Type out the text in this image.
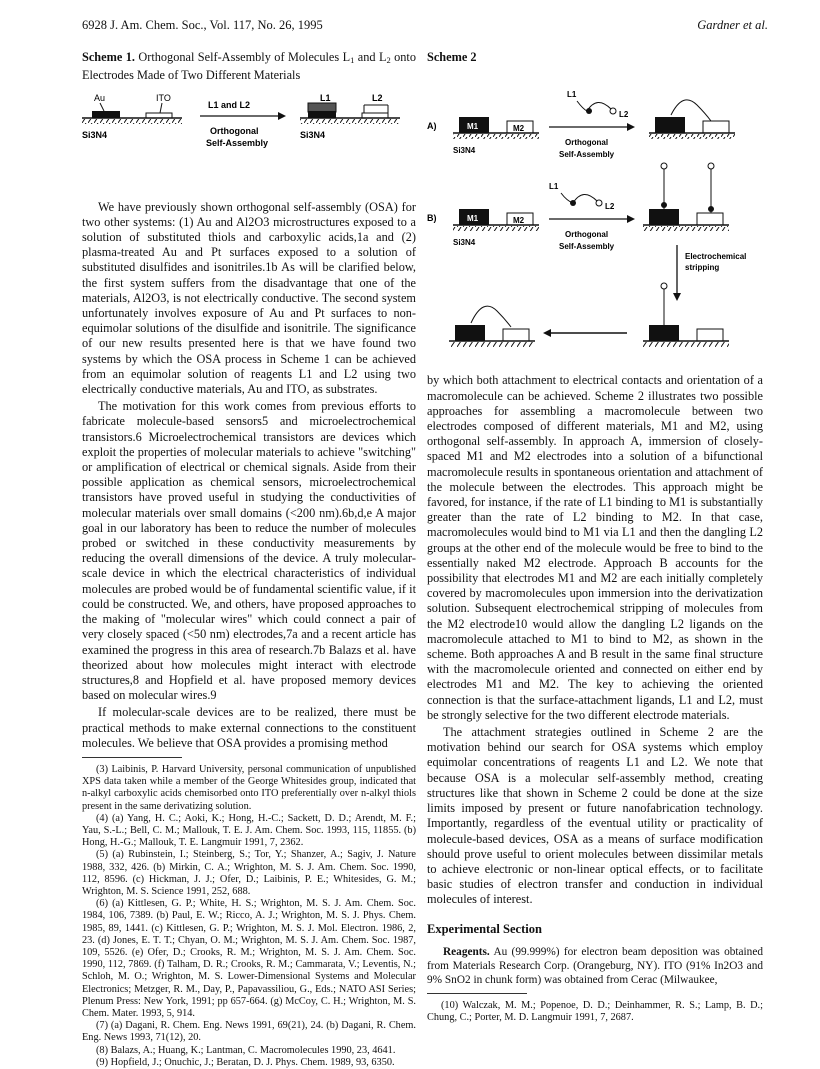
6928 J. Am. Chem. Soc., Vol. 117, No. 26, 1995	Gardner et al.
Scheme 1. Orthogonal Self-Assembly of Molecules $L_1$ and $L_2$ onto Electrodes Made of Two Different Materials
Au	ITO
Si3N4
L1 and L2
Orthogonal
Self-Assembly
L1	L2
Si3N4

We have previously shown orthogonal self-assembly (OSA) for two other systems: (1) Au and Al2O3 microstructures exposed to a solution of substituted thiols and carboxylic acids,1a and (2) plasma-treated Au and Pt surfaces exposed to a solution of substituted disulfides and isonitriles.1b As will be clarified below, the first system suffers from the disadvantage that one of the materials, Al2O3, is not electrically conductive. The second system unfortunately involves exposure of Au and Pt surfaces to non-equimolar solutions of the disulfide and isonitrile. The significance of our new results presented here is that we have found two systems by which the OSA process in Scheme 1 can be achieved from an equimolar solution of reagents L1 and L2 using two electrically conductive materials, Au and ITO, as substrates.

The motivation for this work comes from previous efforts to fabricate molecule-based sensors5 and microelectrochemical transistors.6 Microelectrochemical transistors are devices which exploit the properties of molecular materials to achieve "switching" or amplification of electrical or chemical signals. Aside from their possible application as chemical sensors, microelectrochemical transistors have proved useful in studying the conductivities of molecular materials over small domains (<200 nm).6b,d,e A major goal in our laboratory has been to reduce the number of molecules probed or switched in these conductivity measurements by reducing the overall dimensions of the device. A truly molecular-scale device in which the electrical characteristics of individual molecules are probed would be of fundamental scientific value, if it could be constructed. We, and others, have proposed approaches to the making of "molecular wires" which could connect a pair of very closely spaced (<50 nm) electrodes,7a and a recent article has examined the progress in this area of research.7b Balazs et al. have theorized about how molecules might interact with electrode structures,8 and Hopfield et al. have proposed memory devices based on molecular wires.9

If molecular-scale devices are to be realized, there must be practical methods to make external connections to the constituent molecules. We believe that OSA provides a promising method

(3) Laibinis, P. Harvard University, personal communication of unpublished XPS data taken while a member of the George Whitesides group, indicated that n-alkyl carboxylic acids chemisorbed onto ITO preferentially over n-alkyl thiols present in the same derivatizing solution.

(4) (a) Yang, H. C.; Aoki, K.; Hong, H.-C.; Sackett, D. D.; Arendt, M. F.; Yau, S.-L.; Bell, C. M.; Mallouk, T. E. J. Am. Chem. Soc. 1993, 115, 11855. (b) Hong, H.-G.; Mallouk, T. E. Langmuir 1991, 7, 2362.

(5) (a) Rubinstein, I.; Steinberg, S.; Tor, Y.; Shanzer, A.; Sagiv, J. Nature 1988, 332, 426. (b) Mirkin, C. A.; Wrighton, M. S. J. Am. Chem. Soc. 1990, 112, 8596. (c) Hickman, J. J.; Ofer, D.; Laibinis, P. E.; Whitesides, G. M.; Wrighton, M. S. Science 1991, 252, 688.

(6) (a) Kittlesen, G. P.; White, H. S.; Wrighton, M. S. J. Am. Chem. Soc. 1984, 106, 7389. (b) Paul, E. W.; Ricco, A. J.; Wrighton, M. S. J. Phys. Chem. 1985, 89, 1441. (c) Kittlesen, G. P.; Wrighton, M. S. J. Mol. Electron. 1986, 2, 23. (d) Jones, E. T. T.; Chyan, O. M.; Wrighton, M. S. J. Am. Chem. Soc. 1987, 109, 5526. (e) Ofer, D.; Crooks, R. M.; Wrighton, M. S. J. Am. Chem. Soc. 1990, 112, 7869. (f) Talham, D. R.; Crooks, R. M.; Cammarata, V.; Leventis, N.; Schloh, M. O.; Wrighton, M. S. Lower-Dimensional Systems and Molecular Electronics; Metzger, R. M., Day, P., Papavassiliou, G., Eds.; NATO ASI Series; Plenum Press: New York, 1991; pp 657-664. (g) McCoy, C. H.; Wrighton, M. S. Chem. Mater. 1993, 5, 914.

(7) (a) Dagani, R. Chem. Eng. News 1991, 69(21), 24. (b) Dagani, R. Chem. Eng. News 1993, 71(12), 20.

(8) Balazs, A.; Huang, K.; Lantman, C. Macromolecules 1990, 23, 4641.

(9) Hopfield, J.; Onuchic, J.; Beratan, D. J. Phys. Chem. 1989, 93, 6350.

Scheme 2
A)	M1	M2
Si3N4
L1
L2
Orthogonal
Self-Assembly
B)	M1	M2
Si3N4
L1
L2
Orthogonal
Self-Assembly
Electrochemical
stripping

by which both attachment to electrical contacts and orientation of a macromolecule can be achieved. Scheme 2 illustrates two possible approaches for assembling a macromolecule between two electrodes composed of different materials, M1 and M2, using orthogonal self-assembly. In approach A, immersion of closely-spaced M1 and M2 electrodes into a solution of a bifunctional macromolecule results in spontaneous orientation and attachment of the molecule between the electrodes. This approach might be favored, for instance, if the rate of L1 binding to M1 is substantially greater than the rate of L2 binding to M2. In that case, macromolecules would bind to M1 via L1 and then the dangling L2 groups at the other end of the molecule would be free to bind to the essentially naked M2 electrode. Approach B accounts for the possibility that electrodes M1 and M2 are each initially completely covered by macromolecules upon immersion into the derivatization solution. Subsequent electrochemical stripping of molecules from the M2 electrode10 would allow the dangling L2 ligands on the macromolecule attached to M1 to bind to M2, as shown in the scheme. Both approaches A and B result in the same final structure with the macromolecule oriented and connected on either end by electrodes M1 and M2. The key to achieving the oriented connection is that the surface-attachment ligands, L1 and L2, must be strongly selective for the two different electrode materials.

The attachment strategies outlined in Scheme 2 are the motivation behind our search for OSA systems which employ equimolar concentrations of reagents L1 and L2. We note that because OSA is a molecular self-assembly method, creating structures like that shown in Scheme 2 could be done at the size limits imposed by present or future nanofabrication technology. Importantly, regardless of the eventual utility or practicality of molecule-based devices, OSA as a means of surface modification should prove useful to orient molecules between dissimilar metals to achieve electronic or non-linear optical effects, or to facilitate basic studies of electron transfer and conduction in individual molecules of interest.

Experimental Section

Reagents. Au (99.999%) for electron beam deposition was obtained from Materials Research Corp. (Orangeburg, NY). ITO (91% In2O3 and 9% SnO2 in chunk form) was obtained from Cerac (Milwaukee,

(10) Walczak, M. M.; Popenoe, D. D.; Deinhammer, R. S.; Lamp, B. D.; Chung, C.; Porter, M. D. Langmuir 1991, 7, 2687.
